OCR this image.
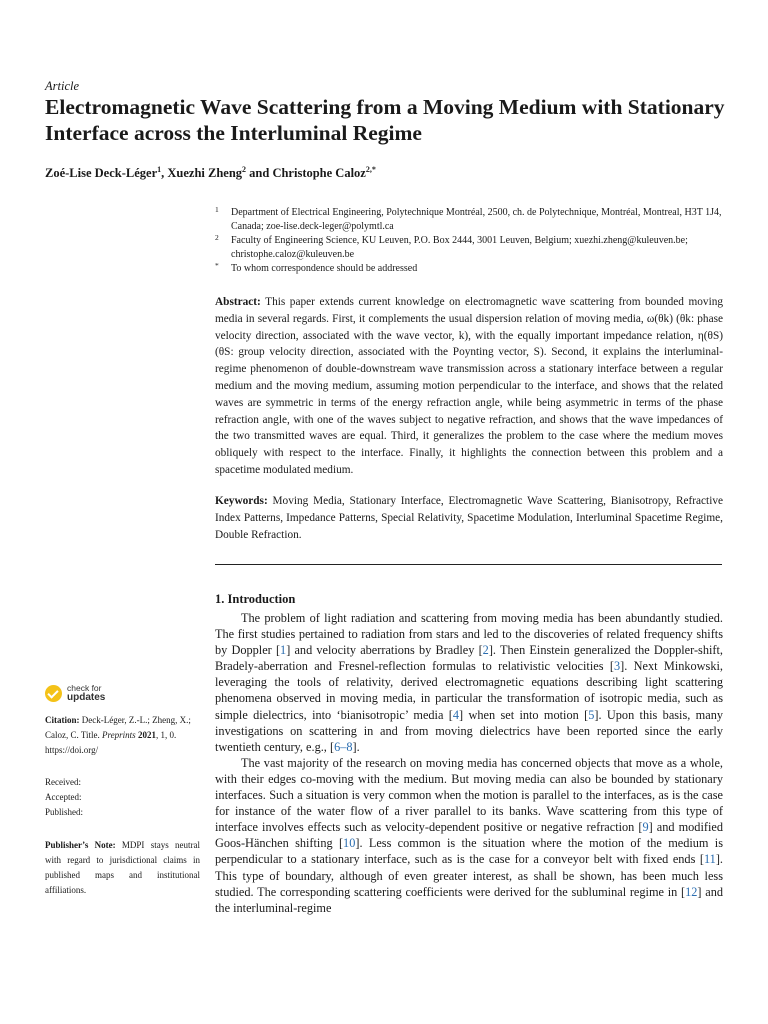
Article
Electromagnetic Wave Scattering from a Moving Medium with Stationary Interface across the Interluminal Regime
Zoé-Lise Deck-Léger$^1$, Xuezhi Zheng$^2$ and Christophe Caloz$^{2,*}$

1 Department of Electrical Engineering, Polytechnique Montréal, 2500, ch. de Polytechnique, Montréal, Montreal, H3T 1J4, Canada; zoe-lise.deck-leger@polymtl.ca

2 Faculty of Engineering Science, KU Leuven, P.O. Box 2444, 3001 Leuven, Belgium; xuezhi.zheng@kuleuven.be; christophe.caloz@kuleuven.be

* To whom correspondence should be addressed

Abstract: This paper extends current knowledge on electromagnetic wave scattering from bounded moving media in several regards. First, it complements the usual dispersion relation of moving media, ω(θk) (θk: phase velocity direction, associated with the wave vector, k), with the equally important impedance relation, η(θS) (θS: group velocity direction, associated with the Poynting vector, S). Second, it explains the interluminal-regime phenomenon of double-downstream wave transmission across a stationary interface between a regular medium and the moving medium, assuming motion perpendicular to the interface, and shows that the related waves are symmetric in terms of the energy refraction angle, while being asymmetric in terms of the phase refraction angle, with one of the waves subject to negative refraction, and shows that the wave impedances of the two transmitted waves are equal. Third, it generalizes the problem to the case where the medium moves obliquely with respect to the interface. Finally, it highlights the connection between this problem and a spacetime modulated medium.

Keywords: Moving Media, Stationary Interface, Electromagnetic Wave Scattering, Bianisotropy, Refractive Index Patterns, Impedance Patterns, Special Relativity, Spacetime Modulation, Interluminal Spacetime Regime, Double Refraction.

1. Introduction

The problem of light radiation and scattering from moving media has been abundantly studied. The first studies pertained to radiation from stars and led to the discoveries of related frequency shifts by Doppler [1] and velocity aberrations by Bradley [2]. Then Einstein generalized the Doppler-shift, Bradely-aberration and Fresnel-reflection formulas to relativistic velocities [3]. Next Minkowski, leveraging the tools of relativity, derived electromagnetic equations describing light scattering phenomena observed in moving media, in particular the transformation of isotropic media, such as simple dielectrics, into ‘bianisotropic’ media [4] when set into motion [5]. Upon this basis, many investigations on scattering in and from moving dielectrics have been reported since the early twentieth century, e.g., [6–8].

The vast majority of the research on moving media has concerned objects that move as a whole, with their edges co-moving with the medium. But moving media can also be bounded by stationary interfaces. Such a situation is very common when the motion is parallel to the interfaces, as is the case for instance of the water flow of a river parallel to its banks. Wave scattering from this type of interface involves effects such as velocity-dependent positive or negative refraction [9] and modified Goos-Hänchen shifting [10]. Less common is the situation where the motion of the medium is perpendicular to a stationary interface, such as is the case for a conveyor belt with fixed ends [11]. This type of boundary, although of even greater interest, as shall be shown, has been much less studied. The corresponding scattering coefficients were derived for the subluminal regime in [12] and the interluminal-regime

check for
updates
Citation: Deck-Léger, Z.-L.; Zheng, X.; Caloz, C. Title. Preprints 2021, 1, 0. https://doi.org/
Received:
Accepted:
Published:
Publisher’s Note: MDPI stays neutral with regard to jurisdictional claims in published maps and institutional affiliations.
